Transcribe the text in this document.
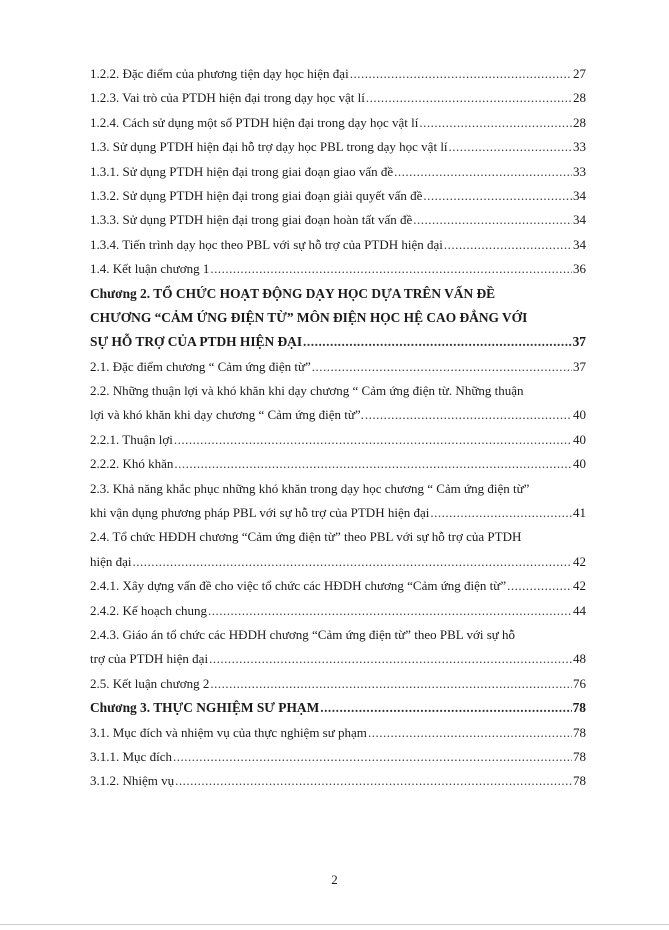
1.2.2. Đặc điểm của phương tiện dạy học hiện đại .....	27
1.2.3. Vai trò của PTDH hiện đại trong dạy học vật lí .....	28
1.2.4. Cách sử dụng một số PTDH hiện đại trong dạy học vật lí .....	28
1.3. Sử dụng PTDH hiện đại hỗ trợ dạy học PBL trong dạy học vật lí .....	33
1.3.1. Sử dụng PTDH hiện đại trong giai đoạn giao vấn đề .....	33
1.3.2. Sử dụng PTDH hiện đại trong giai đoạn giải quyết vấn đề .....	34
1.3.3. Sử dụng PTDH hiện đại trong giai đoạn hoàn tất vấn đề .....	34
1.3.4. Tiến trình dạy học theo PBL với sự hỗ trợ của PTDH hiện đại .....	34
1.4. Kết luận chương 1 .....	36
Chương 2. TỔ CHỨC HOẠT ĐỘNG DẠY HỌC DỰA TRÊN VẤN ĐỀ
CHƯƠNG “CẢM ỨNG ĐIỆN TỪ” MÔN ĐIỆN HỌC HỆ CAO ĐẲNG VỚI
SỰ HỖ TRỢ CỦA PTDH HIỆN ĐẠI .....	37
2.1. Đặc điểm chương “ Cảm ứng điện từ” .....	37
2.2. Những thuận lợi và khó khăn khi dạy chương “ Cảm ứng điện từ. Những thuận
lợi và khó khăn khi dạy chương “ Cảm ứng điện từ”. .....	40
2.2.1. Thuận lợi .....	40
2.2.2. Khó khăn .....	40
2.3. Khả năng khắc phục những khó khăn trong dạy học chương “ Cảm ứng điện từ”
khi vận dụng phương pháp PBL với sự hỗ trợ của PTDH hiện đại .....	41
2.4. Tổ chức HĐDH chương “Cảm ứng điện từ” theo PBL với sự hỗ trợ của PTDH
hiện đại .....	42
2.4.1. Xây dựng vấn đề cho việc tổ chức các HĐDH chương “Cảm ứng điện từ” .....	42
2.4.2. Kế hoạch chung .....	44
2.4.3. Giáo án tổ chức các HĐDH chương “Cảm ứng điện từ” theo PBL với sự hỗ
trợ của PTDH hiện đại .....	48
2.5. Kết luận chương 2 .....	76
Chương 3. THỰC NGHIỆM SƯ PHẠM .....	78
3.1. Mục đích và nhiệm vụ của thực nghiệm sư phạm .....	78
3.1.1. Mục đích .....	78
3.1.2. Nhiệm vụ .....	78
2
